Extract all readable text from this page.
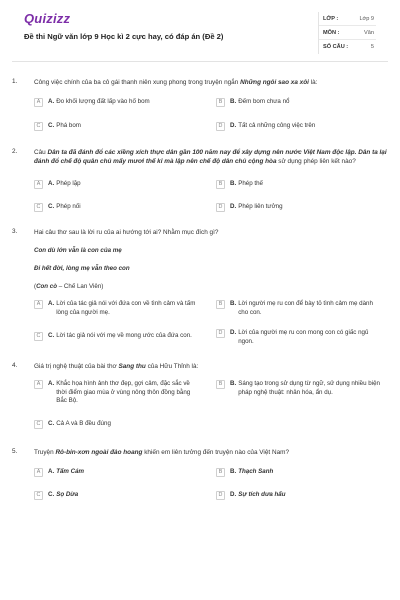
Quizizz
Đề thi Ngữ văn lớp 9 Học kì 2 cực hay, có đáp án (Đề 2)
LỚP :	Lớp 9
MÔN :	Văn
SỐ CÂU :	5
1.	Công việc chính của ba cô gái thanh niên xung phong trong truyện ngắn Những ngôi sao xa xôi là:
A	A. Đo khối lượng đất lấp vào hố bom	B	B. Đếm bom chưa nổ
C	C. Phá bom	D	D. Tất cả những công việc trên
2.	Câu Dân ta đã đánh đổ các xiềng xích thực dân gần 100 năm nay để xây dựng nên nước Việt Nam độc lập. Dân ta lại đánh đổ chế độ quân chủ mấy mươi thế kỉ mà lập nên chế độ dân chủ cộng hòa sử dụng phép liên kết nào?
A	A. Phép lặp	B	B. Phép thế
C	C. Phép nối	D	D. Phép liên tưởng
3.	Hai câu thơ sau là lời ru của ai hướng tới ai? Nhằm mục đích gì?
Con dù lớn vẫn là con của mẹ
Đi hết đời, lòng mẹ vẫn theo con
(Con cò – Chế Lan Viên)
A	A. Lời của tác giả nói với đứa con về tình cảm và tấm lòng của người mẹ.
B	B. Lời người mẹ ru con để bày tỏ tình cảm mẹ dành cho con.
C	C. Lời tác giả nói với mẹ về mong ước của đứa con.	D	D. Lời của người mẹ ru con mong con có giấc ngủ ngon.
4.	Giá trị nghệ thuật của bài thơ Sang thu của Hữu Thỉnh là:
A	A. Khắc họa hình ảnh thơ đẹp, gợi cảm, đặc sắc về thời điểm giao mùa ở vùng nông thôn đồng bằng Bắc Bộ.
B	B. Sáng tạo trong sử dụng từ ngữ, sử dụng nhiều biện pháp nghệ thuật: nhân hóa, ẩn dụ.
C	C. Cả A và B đều đúng
5.	Truyện Rô-bin-xơn ngoài đảo hoang khiến em liên tưởng đến truyện nào của Việt Nam?
A	A. Tấm Cám	B	B. Thạch Sanh
C	C. Sọ Dừa	D	D. Sự tích dưa hấu
